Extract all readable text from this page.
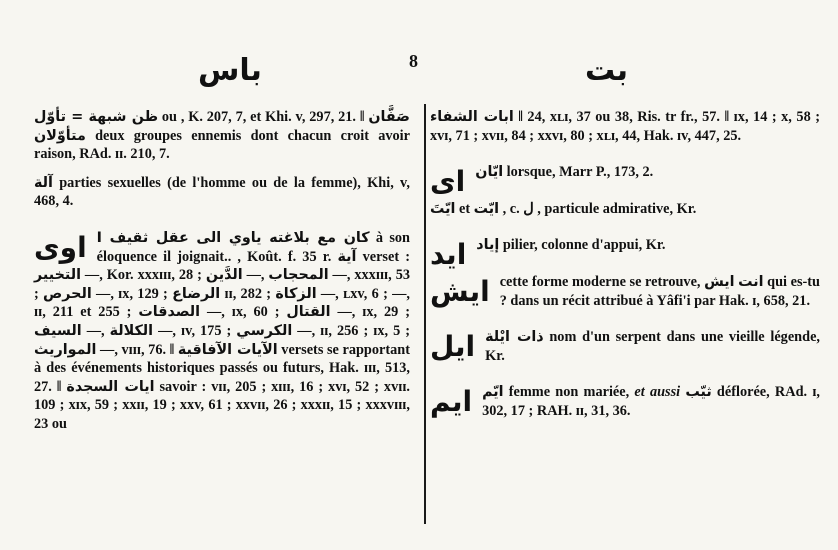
باس	8	بت

ظن شبهة = تأوّل ou , K. 207, 7, et Khi. v, 297, 21. ‖ صَفَّان متأوّلان deux groupes ennemis dont chacun croit avoir raison, RAd. ɪɪ. 210, 7.

آلة parties sexuelles (de l'homme ou de la femme), Khi, v, 468, 4.

اوى كان مع بلاغته ياوي الى عقل ثقيف I à son éloquence il joignait.. , Koût. f. 35 r. آية verset : التخيير —, Kor. xxxɪɪɪ, 28 ; الدَّين —, المحجاب —, xxxɪɪɪ, 53 ; الحرص —, ɪx, 129 ; الرضاع ɪɪ, 282 ; الزكاة —, ʟxv, 6 ; —, ɪɪ, 211 et 255 ; الصدقات —, ɪx, 60 ; القتال —, ɪx, 29 ; السيف —, الكلالة —, ɪv, 175 ; الكرسي —, ɪɪ, 256 ; ɪx, 5 ; المواريث —, vɪɪɪ, 76. ‖ الآيات الآفاقية versets se rapportant à des événements historiques passés ou futurs, Hak. ɪɪɪ, 513, 27. ‖ ايات السجدة savoir : vɪɪ, 205 ; xɪɪɪ, 16 ; xvɪ, 52 ; xvɪɪ. 109 ; xɪx, 59 ; xxɪɪ, 19 ; xxv, 61 ; xxvɪɪ, 26 ; xxxɪɪ, 15 ; xxxvɪɪɪ, 23 ou

ابات الشفاء ‖ 24, xʟɪ, 37 ou 38, Ris. tr fr., 57. ‖ ɪx, 14 ; x, 58 ; xvɪ, 71 ; xvɪɪ, 84 ; xxvɪ, 80 ; xʟɪ, 44, Hak. ɪv, 447, 25.

اى ايّان lorsque, Marr P., 173, 2.

ايّتَ et ايّت , c. ل , particule admirative, Kr.

ايد إياد pilier, colonne d'appui, Kr.

ايش cette forme moderne se retrouve, ايش انت qui es-tu ? dans un récit attribué à Yâfi'i par Hak. ɪ, 658, 21.

ايل ذات ايْلة nom d'un serpent dans une vieille légende, Kr.

ايم ايّم femme non mariée, et aussi ثيّب déflorée, RAd. ɪ, 302, 17 ; RAH. ɪɪ, 31, 36.
